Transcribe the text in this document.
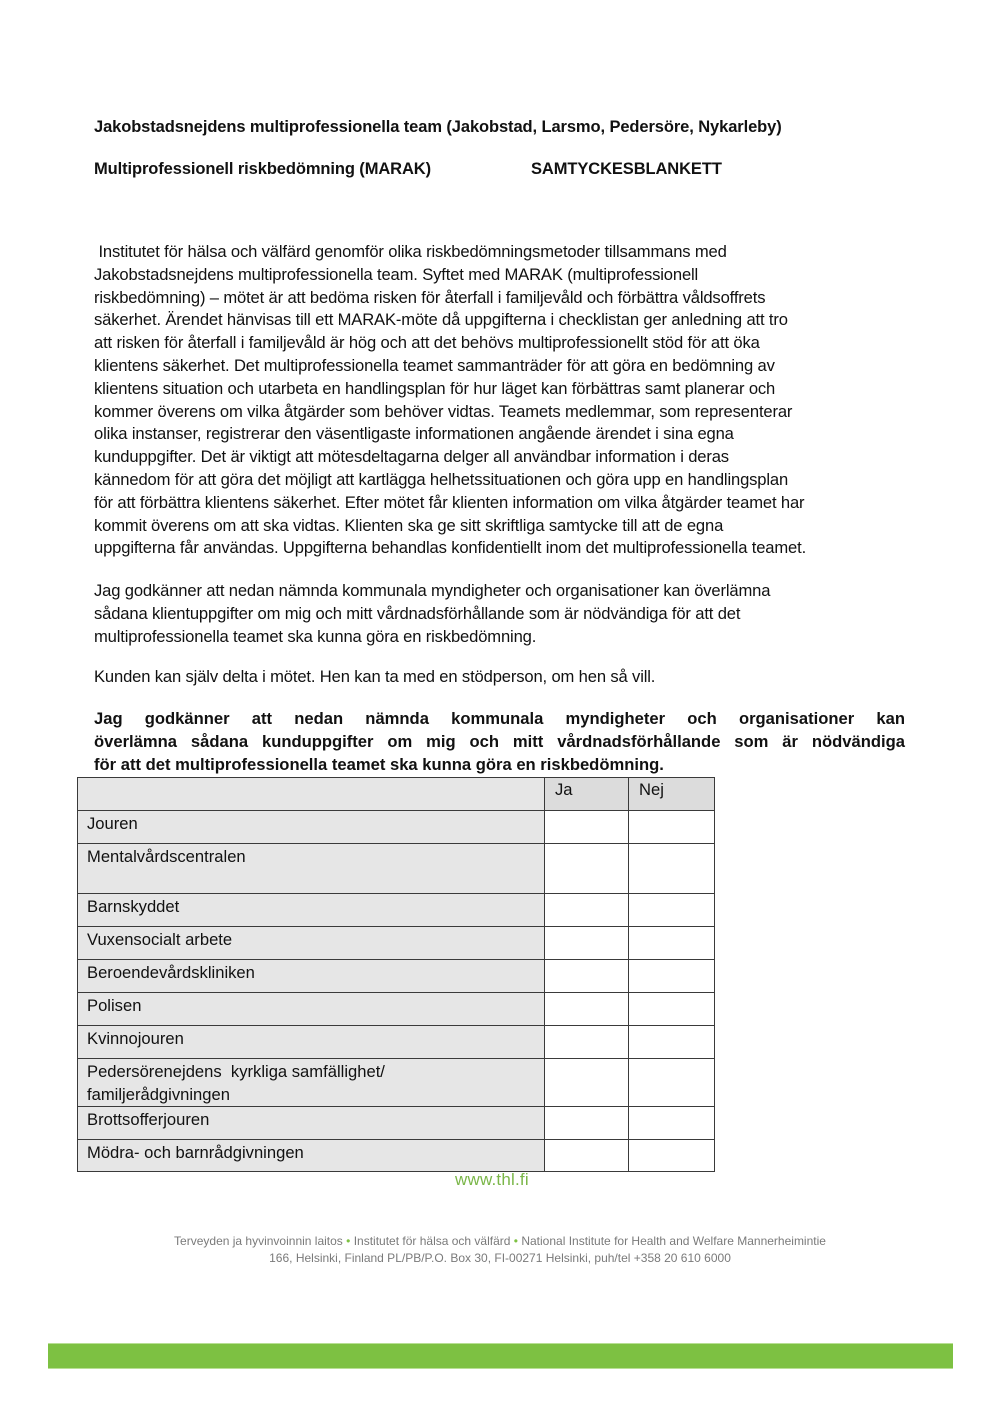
Jakobstadsnejdens multiprofessionella team (Jakobstad, Larsmo, Pedersöre, Nykarleby)
Multiprofessionell riskbedömning (MARAK)	SAMTYCKESBLANKETT
Institutet för hälsa och välfärd genomför olika riskbedömningsmetoder tillsammans med
Jakobstadsnejdens multiprofessionella team. Syftet med MARAK (multiprofessionell
riskbedömning) – mötet är att bedöma risken för återfall i familjevåld och förbättra våldsoffrets
säkerhet. Ärendet hänvisas till ett MARAK-möte då uppgifterna i checklistan ger anledning att tro
att risken för återfall i familjevåld är hög och att det behövs multiprofessionellt stöd för att öka
klientens säkerhet. Det multiprofessionella teamet sammanträder för att göra en bedömning av
klientens situation och utarbeta en handlingsplan för hur läget kan förbättras samt planerar och
kommer överens om vilka åtgärder som behöver vidtas. Teamets medlemmar, som representerar
olika instanser, registrerar den väsentligaste informationen angående ärendet i sina egna
kunduppgifter. Det är viktigt att mötesdeltagarna delger all användbar information i deras
kännedom för att göra det möjligt att kartlägga helhetssituationen och göra upp en handlingsplan
för att förbättra klientens säkerhet. Efter mötet får klienten information om vilka åtgärder teamet har
kommit överens om att ska vidtas. Klienten ska ge sitt skriftliga samtycke till att de egna
uppgifterna får användas. Uppgifterna behandlas konfidentiellt inom det multiprofessionella teamet.
Jag godkänner att nedan nämnda kommunala myndigheter och organisationer kan överlämna
sådana klientuppgifter om mig och mitt vårdnadsförhållande som är nödvändiga för att det
multiprofessionella teamet ska kunna göra en riskbedömning.
Kunden kan själv delta i mötet. Hen kan ta med en stödperson, om hen så vill.
Jag godkänner att nedan nämnda kommunala myndigheter och organisationer kan
överlämna sådana kunduppgifter om mig och mitt vårdnadsförhållande som är nödvändiga
för att det multiprofessionella teamet ska kunna göra en riskbedömning.
	Ja	Nej
Jouren		
Mentalvårdscentralen		
Barnskyddet		
Vuxensocialt arbete		
Beroendevårdskliniken		
Polisen		
Kvinnojouren		

Pedersörenejdens  kyrkliga samfällighet/
familjerådgivningen		

Brottsofferjouren		
Mödra- och barnrådgivningen		
www.thl.fi
Terveyden ja hyvinvoinnin laitos • Institutet för hälsa och välfärd • National Institute for Health and Welfare Mannerheimintie
166, Helsinki, Finland PL/PB/P.O. Box 30, FI-00271 Helsinki, puh/tel +358 20 610 6000
